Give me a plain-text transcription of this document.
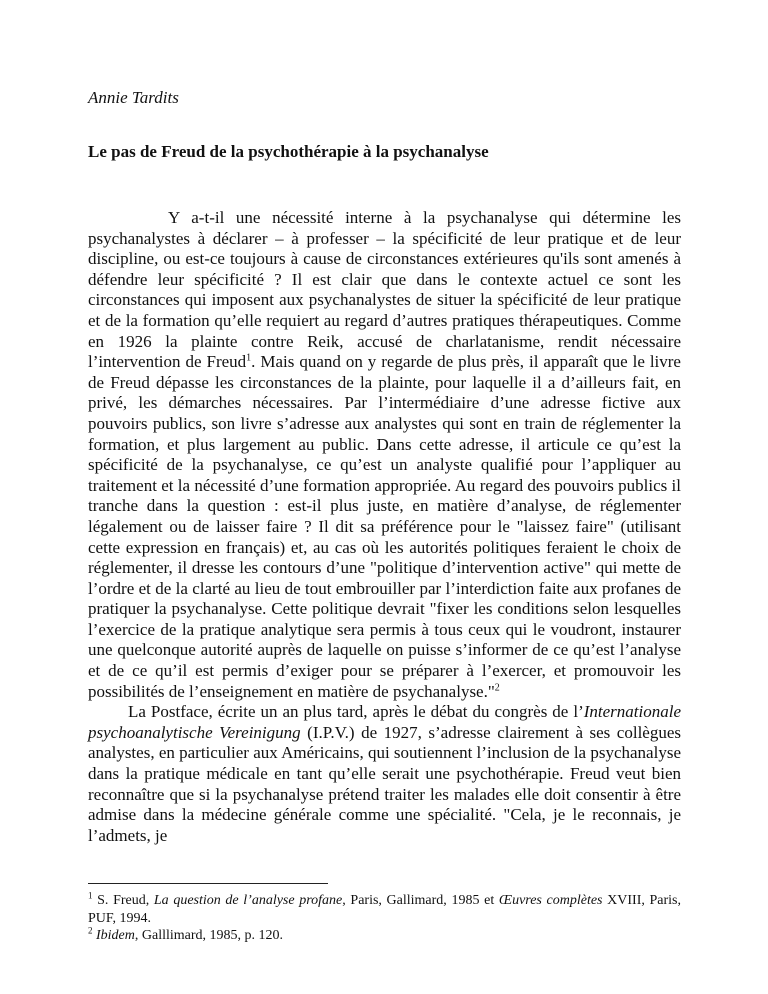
Annie Tardits
Le pas de Freud de la psychothérapie à la psychanalyse

Y a-t-il une nécessité interne à la psychanalyse qui détermine les psychanalystes à déclarer – à professer – la spécificité de leur pratique et de leur discipline, ou est-ce toujours à cause de circonstances extérieures qu'ils sont amenés à défendre leur spécificité ? Il est clair que dans le contexte actuel ce sont les circonstances qui imposent aux psychanalystes de situer la spécificité de leur pratique et de la formation qu’elle requiert au regard d’autres pratiques thérapeutiques. Comme en 1926 la plainte contre Reik, accusé de charlatanisme, rendit nécessaire l’intervention de Freud$^1$. Mais quand on y regarde de plus près, il apparaît que le livre de Freud dépasse les circonstances de la plainte, pour laquelle il a d’ailleurs fait, en privé, les démarches nécessaires. Par l’intermédiaire d’une adresse fictive aux pouvoirs publics, son livre s’adresse aux analystes qui sont en train de réglementer la formation, et plus largement au public. Dans cette adresse, il articule ce qu’est la spécificité de la psychanalyse, ce qu’est un analyste qualifié pour l’appliquer au traitement et la nécessité d’une formation appropriée. Au regard des pouvoirs publics il tranche dans la question : est-il plus juste, en matière d’analyse, de réglementer légalement ou de laisser faire ? Il dit sa préférence pour le "laissez faire" (utilisant cette expression en français) et, au cas où les autorités politiques feraient le choix de réglementer, il dresse les contours d’une "politique d’intervention active" qui mette de l’ordre et de la clarté au lieu de tout embrouiller par l’interdiction faite aux profanes de pratiquer la psychanalyse. Cette politique devrait "fixer les conditions selon lesquelles l’exercice de la pratique analytique sera permis à tous ceux qui le voudront, instaurer une quelconque autorité auprès de laquelle on puisse s’informer de ce qu’est l’analyse et de ce qu’il est permis d’exiger pour se préparer à l’exercer, et promouvoir les possibilités de l’enseignement en matière de psychanalyse."$^2$

La Postface, écrite un an plus tard, après le débat du congrès de l’Internationale psychoanalytische Vereinigung (I.P.V.) de 1927, s’adresse clairement à ses collègues analystes, en particulier aux Américains, qui soutiennent l’inclusion de la psychanalyse dans la pratique médicale en tant qu’elle serait une psychothérapie. Freud veut bien reconnaître que si la psychanalyse prétend traiter les malades elle doit consentir à être admise dans la médecine générale comme une spécialité. "Cela, je le reconnais, je l’admets, je

$^1$ S. Freud, La question de l’analyse profane, Paris, Gallimard, 1985 et Œuvres complètes XVIII, Paris, PUF, 1994.

$^2$ Ibidem, Galllimard, 1985, p. 120.
